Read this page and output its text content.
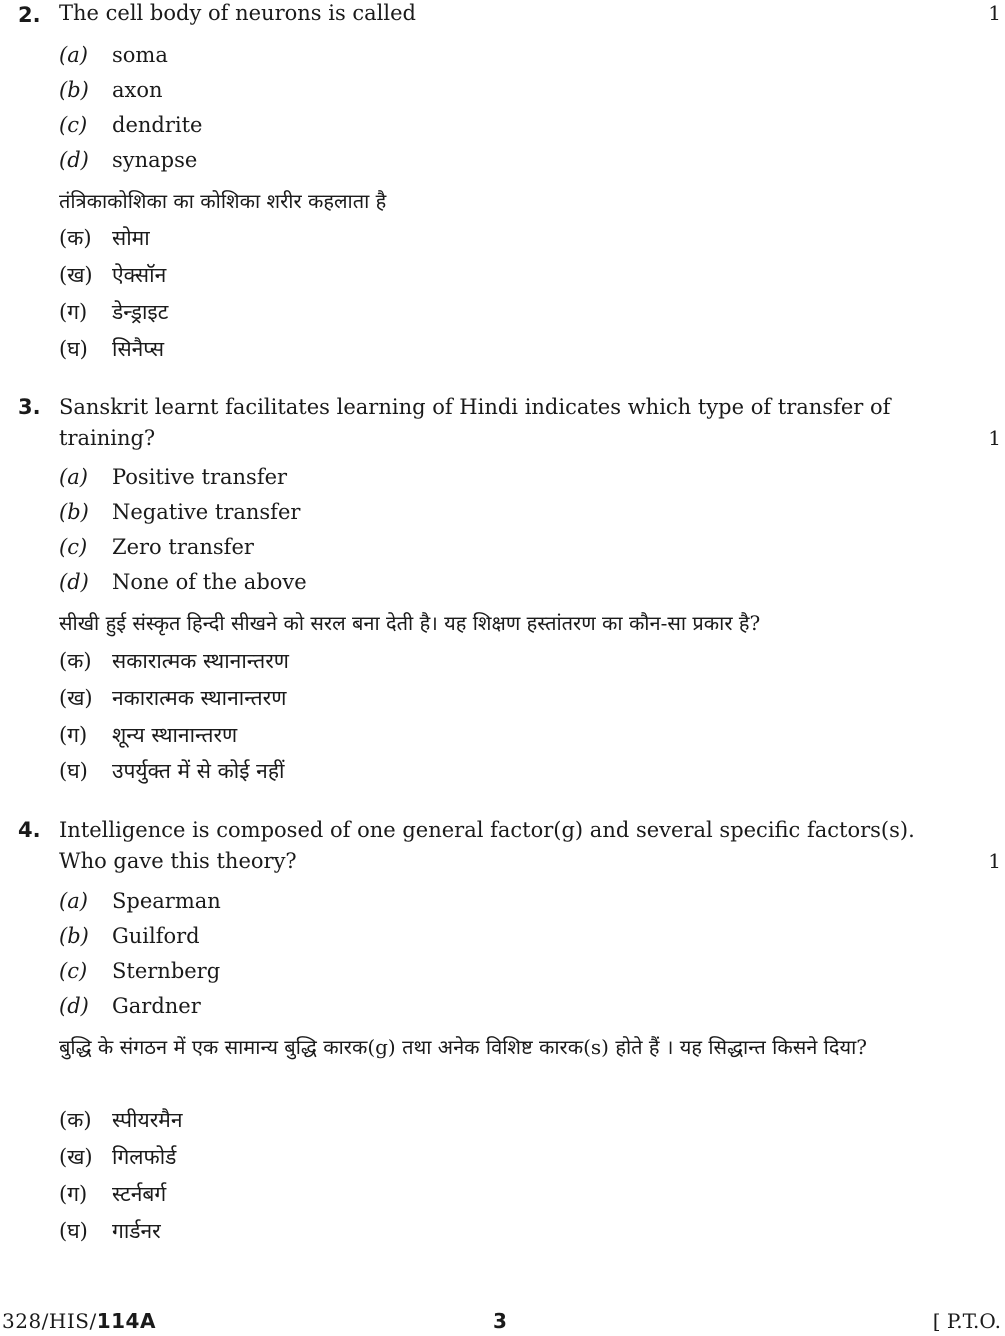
2. The cell body of neurons is called	1
(a) soma
(b) axon
(c) dendrite
(d) synapse
तंत्रिकाकोशिका का कोशिका शरीर कहलाता है
(क) सोमा
(ख) ऐक्सॉन
(ग) डेन्ड्राइट
(घ) सिनैप्स
3. Sanskrit learnt facilitates learning of Hindi indicates which type of transfer of training?	1
(a) Positive transfer
(b) Negative transfer
(c) Zero transfer
(d) None of the above
सीखी हुई संस्कृत हिन्दी सीखने को सरल बना देती है। यह शिक्षण हस्तांतरण का कौन-सा प्रकार है?
(क) सकारात्मक स्थानान्तरण
(ख) नकारात्मक स्थानान्तरण
(ग) शून्य स्थानान्तरण
(घ) उपर्युक्त में से कोई नहीं
4. Intelligence is composed of one general factor(g) and several specific factors(s). Who gave this theory?	1
(a) Spearman
(b) Guilford
(c) Sternberg
(d) Gardner
बुद्धि के संगठन में एक सामान्य बुद्धि कारक(g) तथा अनेक विशिष्ट कारक(s) होते हैं । यह सिद्धान्त किसने दिया?
(क) स्पीयरमैन
(ख) गिलफोर्ड
(ग) स्टर्नबर्ग
(घ) गार्डनर
328/HIS/114A	3	[ P.T.O.
